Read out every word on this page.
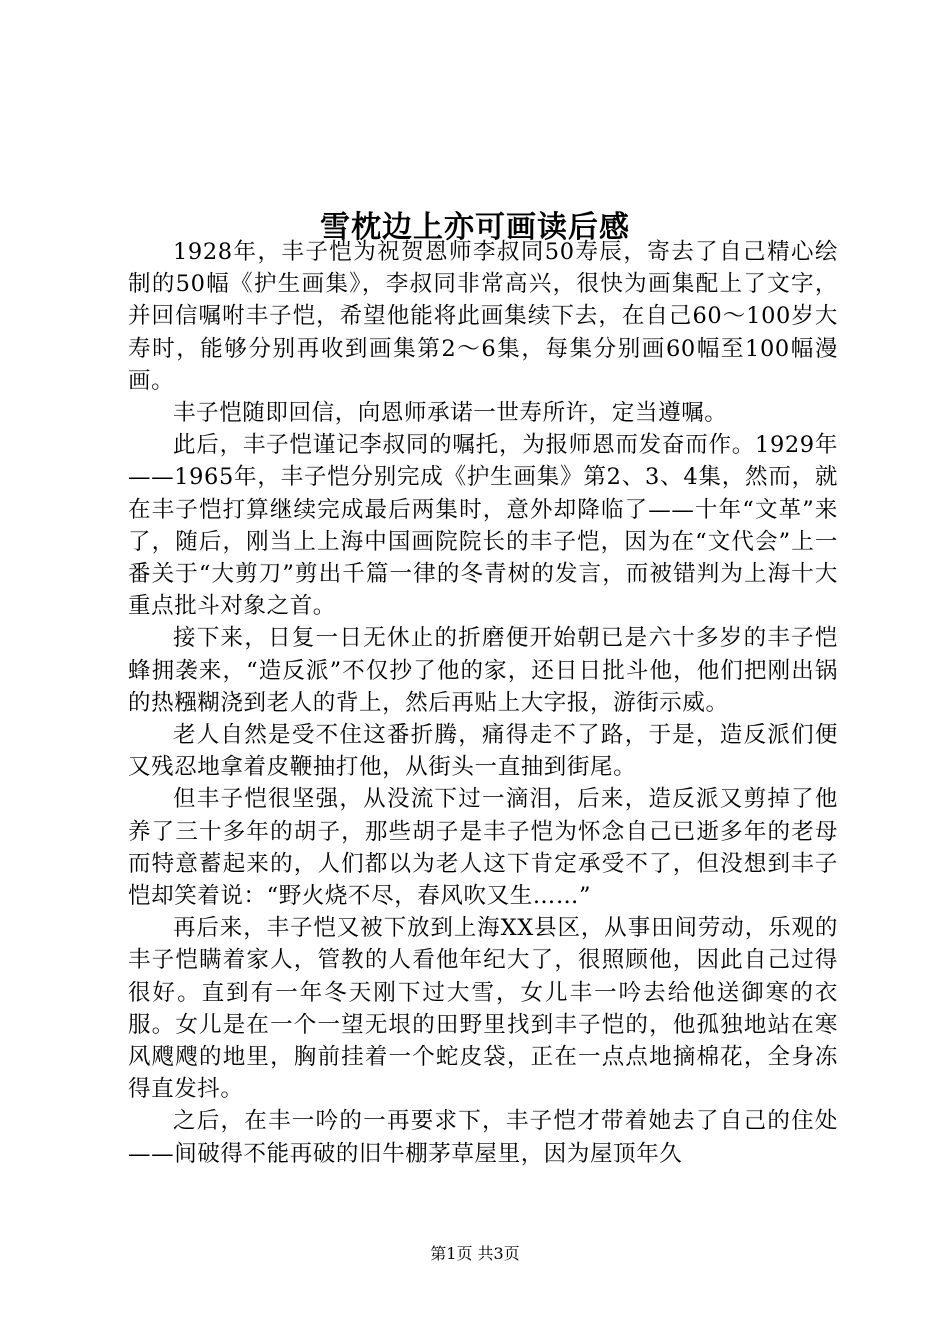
雪枕边上亦可画读后感

1928年，丰子恺为祝贺恩师李叔同50寿辰，寄去了自己精心绘制的50幅《护生画集》，李叔同非常高兴，很快为画集配上了文字，并回信嘱咐丰子恺，希望他能将此画集续下去，在自己60～100岁大寿时，能够分别再收到画集第2～6集，每集分别画60幅至100幅漫画。

丰子恺随即回信，向恩师承诺一世寿所许，定当遵嘱。

此后，丰子恺谨记李叔同的嘱托，为报师恩而发奋而作。1929年——1965年，丰子恺分别完成《护生画集》第2、3、4集，然而，就在丰子恺打算继续完成最后两集时，意外却降临了——十年“文革”来了，随后，刚当上上海中国画院院长的丰子恺，因为在“文代会”上一番关于“大剪刀”剪出千篇一律的冬青树的发言，而被错判为上海十大重点批斗对象之首。

接下来，日复一日无休止的折磨便开始朝已是六十多岁的丰子恺蜂拥袭来，“造反派”不仅抄了他的家，还日日批斗他，他们把刚出锅的热糨糊浇到老人的背上，然后再贴上大字报，游街示威。

老人自然是受不住这番折腾，痛得走不了路，于是，造反派们便又残忍地拿着皮鞭抽打他，从街头一直抽到街尾。

但丰子恺很坚强，从没流下过一滴泪，后来，造反派又剪掉了他养了三十多年的胡子，那些胡子是丰子恺为怀念自己已逝多年的老母而特意蓄起来的，人们都以为老人这下肯定承受不了，但没想到丰子恺却笑着说：“野火烧不尽，春风吹又生……”

再后来，丰子恺又被下放到上海XX县区，从事田间劳动，乐观的丰子恺瞒着家人，管教的人看他年纪大了，很照顾他，因此自己过得很好。直到有一年冬天刚下过大雪，女儿丰一吟去给他送御寒的衣服。女儿是在一个一望无垠的田野里找到丰子恺的，他孤独地站在寒风飕飕的地里，胸前挂着一个蛇皮袋，正在一点点地摘棉花，全身冻得直发抖。

之后，在丰一吟的一再要求下，丰子恺才带着她去了自己的住处——间破得不能再破的旧牛棚茅草屋里，因为屋顶年久

第1页 共3页
